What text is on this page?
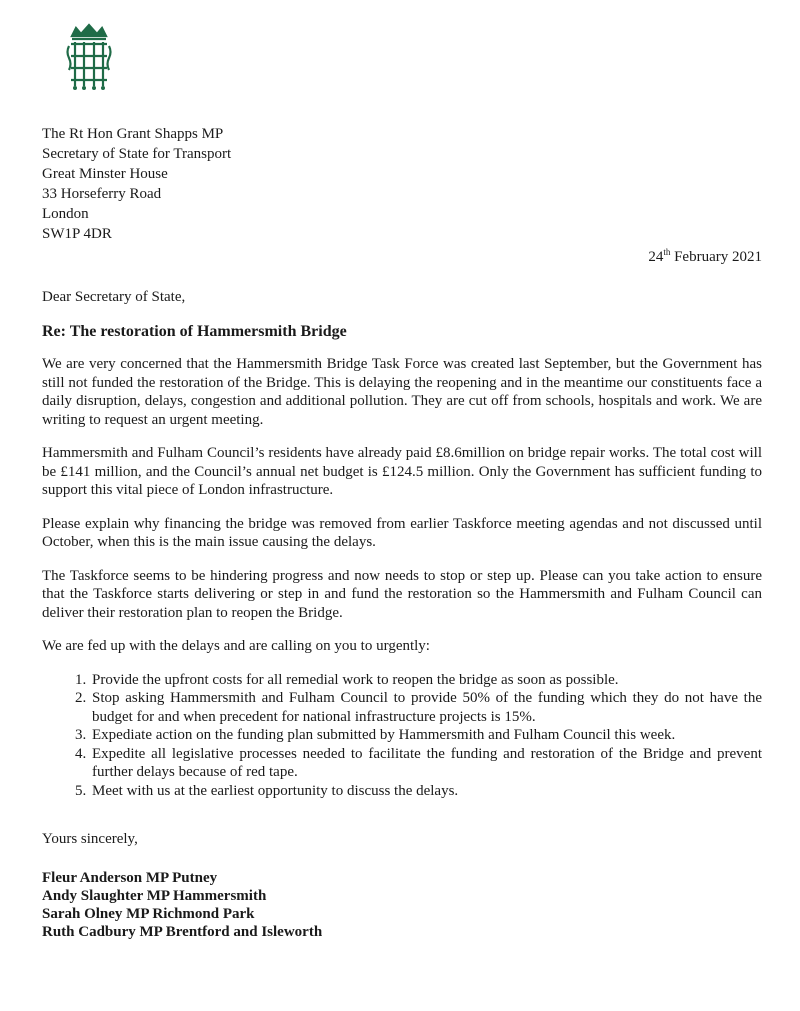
The Rt Hon Grant Shapps MP
Secretary of State for Transport
Great Minster House
33 Horseferry Road
London
SW1P 4DR
24th February 2021
Dear Secretary of State,
Re: The restoration of Hammersmith Bridge

We are very concerned that the Hammersmith Bridge Task Force was created last September, but the Government has still not funded the restoration of the Bridge. This is delaying the reopening and in the meantime our constituents face a daily disruption, delays, congestion and additional pollution. They are cut off from schools, hospitals and work. We are writing to request an urgent meeting.

Hammersmith and Fulham Council’s residents have already paid £8.6million on bridge repair works. The total cost will be £141 million, and the Council’s annual net budget is £124.5 million. Only the Government has sufficient funding to support this vital piece of London infrastructure.

Please explain why financing the bridge was removed from earlier Taskforce meeting agendas and not discussed until October, when this is the main issue causing the delays.

The Taskforce seems to be hindering progress and now needs to stop or step up. Please can you take action to ensure that the Taskforce starts delivering or step in and fund the restoration so the Hammersmith and Fulham Council can deliver their restoration plan to reopen the Bridge.

We are fed up with the delays and are calling on you to urgently:

1. Provide the upfront costs for all remedial work to reopen the bridge as soon as possible.
2. Stop asking Hammersmith and Fulham Council to provide 50% of the funding which they do not have the budget for and when precedent for national infrastructure projects is 15%.
3. Expediate action on the funding plan submitted by Hammersmith and Fulham Council this week.
4. Expedite all legislative processes needed to facilitate the funding and restoration of the Bridge and prevent further delays because of red tape.
5. Meet with us at the earliest opportunity to discuss the delays.
Yours sincerely,
Fleur Anderson MP Putney
Andy Slaughter MP Hammersmith
Sarah Olney MP Richmond Park
Ruth Cadbury MP Brentford and Isleworth
